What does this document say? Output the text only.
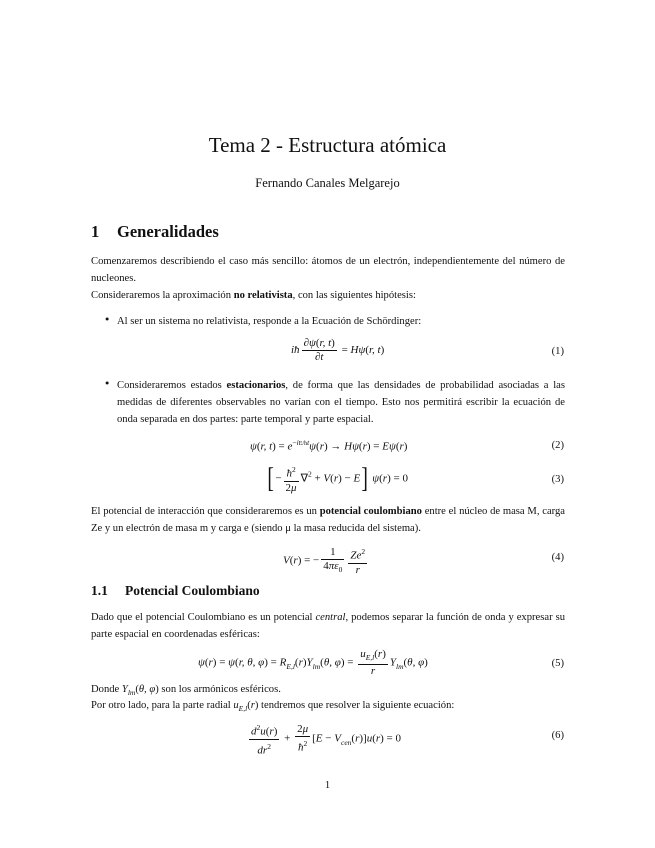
Tema 2 - Estructura atómica
Fernando Canales Melgarejo
1 Generalidades
Comenzaremos describiendo el caso más sencillo: átomos de un electrón, independientemente del número de nucleones.
Consideraremos la aproximación no relativista, con las siguientes hipótesis:
• Al ser un sistema no relativista, responde a la Ecuación de Schördinger:
iħ $\frac{\partial\psi(r, t)}{\partial t} = H\psi(r$, t)	(1)
• Consideraremos estados estacionarios, de forma que las densidades de probabilidad asociadas a las medidas de diferentes observables no varían con el tiempo. Esto nos permitirá escribir la ecuación de onda separada en dos partes: parte temporal y parte espacial.
ψ(r, $t) = e^{-iE/ħt}\psi(r) \to H\psi(r) = E\psi(r)$	(2)
[− $\frac{ħ^2}{2\mu} \nabla^2 + V(r) - E$] ψ(r) = 0	(3)
El potencial de interacción que consideraremos es un potencial coulombiano entre el núcleo de masa M, carga Ze y un electrón de masa m y carga e (siendo μ la masa reducida del sistema).
V(r) = − $\frac{1}{4\pi\varepsilon_0} \frac{Ze^2}{r}$	(4)
1.1 Potencial Coulombiano
Dado que el potencial Coulombiano es un potencial central, podemos separar la función de onda y expresar su parte espacial en coordenadas esféricas:
ψ(r) = ψ(r, θ, $\varphi) = R_{E,l}(r)Y_{lm}(\theta$, $\varphi) = \frac{u_{E,l}(r)}{r} Y_{lm}(\theta$, φ)	(5)
Donde $Y_{lm}(\theta$, φ) son los armónicos esféricos.
Por otro lado, para la parte radial $u_{E,l}(r)$ tendremos que resolver la siguiente ecuación:
$\frac{d^2u(r)}{dr^2} + \frac{2\mu}{ħ^2} [E - V_{cen}(r)]u(r) = 0$	(6)
1
